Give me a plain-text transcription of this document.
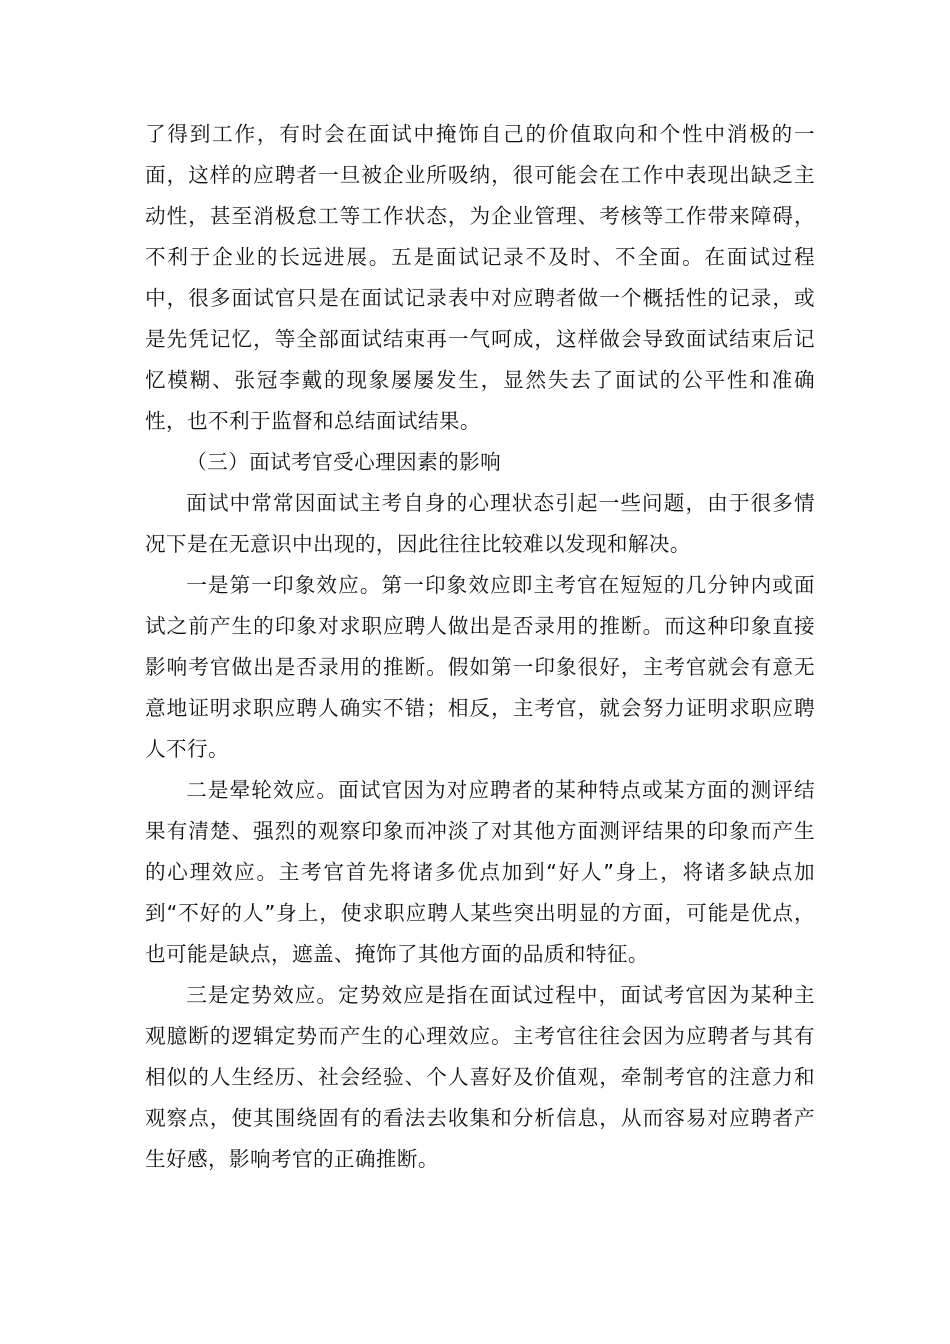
了得到工作，有时会在面试中掩饰自己的价值取向和个性中消极的一面，这样的应聘者一旦被企业所吸纳，很可能会在工作中表现出缺乏主动性，甚至消极怠工等工作状态，为企业管理、考核等工作带来障碍，不利于企业的长远进展。五是面试记录不及时、不全面。在面试过程中，很多面试官只是在面试记录表中对应聘者做一个概括性的记录，或是先凭记忆，等全部面试结束再一气呵成，这样做会导致面试结束后记忆模糊、张冠李戴的现象屡屡发生，显然失去了面试的公平性和准确性，也不利于监督和总结面试结果。

（三）面试考官受心理因素的影响

面试中常常因面试主考自身的心理状态引起一些问题，由于很多情况下是在无意识中出现的，因此往往比较难以发现和解决。

一是第一印象效应。第一印象效应即主考官在短短的几分钟内或面试之前产生的印象对求职应聘人做出是否录用的推断。而这种印象直接影响考官做出是否录用的推断。假如第一印象很好，主考官就会有意无意地证明求职应聘人确实不错；相反，主考官，就会努力证明求职应聘人不行。

二是晕轮效应。面试官因为对应聘者的某种特点或某方面的测评结果有清楚、强烈的观察印象而冲淡了对其他方面测评结果的印象而产生的心理效应。主考官首先将诸多优点加到“好人”身上，将诸多缺点加到“不好的人”身上，使求职应聘人某些突出明显的方面，可能是优点，也可能是缺点，遮盖、掩饰了其他方面的品质和特征。

三是定势效应。定势效应是指在面试过程中，面试考官因为某种主观臆断的逻辑定势而产生的心理效应。主考官往往会因为应聘者与其有相似的人生经历、社会经验、个人喜好及价值观，牵制考官的注意力和观察点，使其围绕固有的看法去收集和分析信息，从而容易对应聘者产生好感，影响考官的正确推断。
